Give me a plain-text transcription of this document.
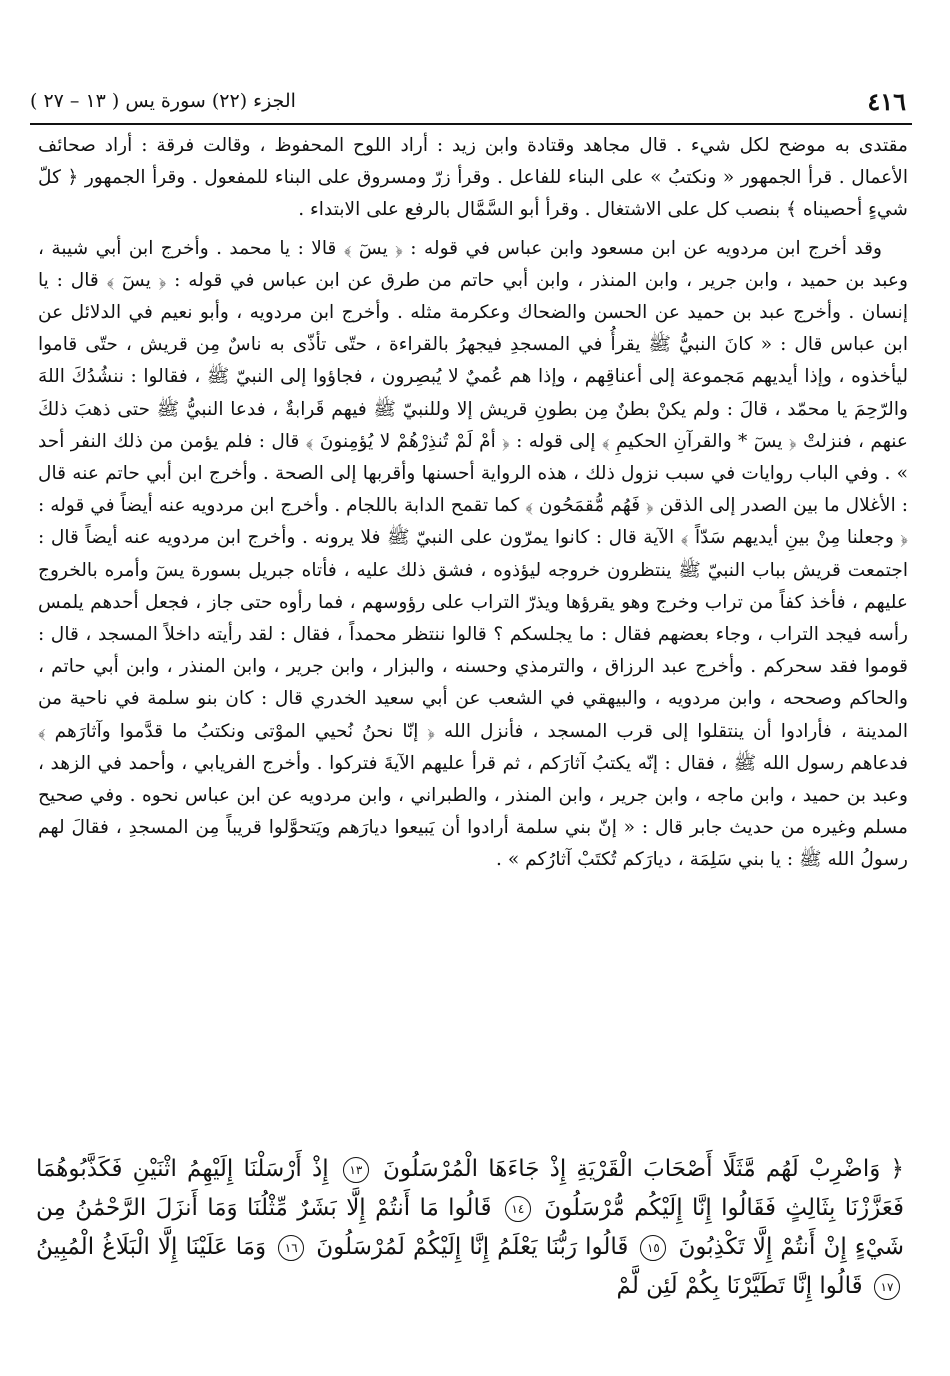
٤١٦
الجزء (٢٢) سورة يس ( ١٣ – ٢٧ )

مقتدى به موضح لكل شيء . قال مجاهد وقتادة وابن زيد : أراد اللوح المحفوظ ، وقالت فرقة : أراد صحائف الأعمال . قرأ الجمهور « ونكتبُ » على البناء للفاعل . وقرأ زرّ ومسروق على البناء للمفعول . وقرأ الجمهور ﴿ كلّ شيءٍ أحصيناه ﴾ بنصب كل على الاشتغال . وقرأ أبو السَّمَّال بالرفع على الابتداء .

وقد أخرج ابن مردويه عن ابن مسعود وابن عباس في قوله : ﴿ يسٓ ﴾ قالا : يا محمد . وأخرج ابن أبي شيبة ، وعبد بن حميد ، وابن جرير ، وابن المنذر ، وابن أبي حاتم من طرق عن ابن عباس في قوله : ﴿ يسٓ ﴾ قال : يا إنسان . وأخرج عبد بن حميد عن الحسن والضحاك وعكرمة مثله . وأخرج ابن مردويه ، وأبو نعيم في الدلائل عن ابن عباس قال : « كانَ النبيُّ ﷺ يقرأُ في المسجدِ فيجهرُ بالقراءة ، حتّى تأذّى به ناسٌ مِن قريش ، حتّى قاموا ليأخذوه ، وإذا أيديهم مَجموعة إلى أعناقِهم ، وإذا هم عُميٌ لا يُبصِرون ، فجاؤوا إلى النبيّ ﷺ ، فقالوا : ننشُدُكَ اللهَ والرّحِمَ يا محمّد ، قالَ : ولم يكنْ بطنٌ مِن بطونِ قريش إلا وللنبيّ ﷺ فيهم قَرابةٌ ، فدعا النبيُّ ﷺ حتى ذهبَ ذلكَ عنهم ، فنزلتْ ﴿ يسٓ * والقرآنِ الحكيمِ ﴾ إلى قوله : ﴿ أمْ لَمْ تُنذِرْهُمْ لا يُؤمِنونَ ﴾ قال : فلم يؤمن من ذلك النفر أحد » . وفي الباب روايات في سبب نزول ذلك ، هذه الرواية أحسنها وأقربها إلى الصحة . وأخرج ابن أبي حاتم عنه قال : الأغلال ما بين الصدر إلى الذقن ﴿ فَهُم مُّقمَحُون ﴾ كما تقمح الدابة باللجام . وأخرج ابن مردويه عنه أيضاً في قوله : ﴿ وجعلنا مِنْ بينِ أيديهم سَدّاً ﴾ الآية قال : كانوا يمرّون على النبيّ ﷺ فلا يرونه . وأخرج ابن مردويه عنه أيضاً قال : اجتمعت قريش بباب النبيّ ﷺ ينتظرون خروجه ليؤذوه ، فشق ذلك عليه ، فأتاه جبريل بسورة يسٓ وأمره بالخروج عليهم ، فأخذ كفاً من تراب وخرج وهو يقرؤها ويذرّ التراب على رؤوسهم ، فما رأوه حتى جاز ، فجعل أحدهم يلمس رأسه فيجد التراب ، وجاء بعضهم فقال : ما يجلسكم ؟ قالوا ننتظر محمداً ، فقال : لقد رأيته داخلاً المسجد ، قال : قوموا فقد سحركم . وأخرج عبد الرزاق ، والترمذي وحسنه ، والبزار ، وابن جرير ، وابن المنذر ، وابن أبي حاتم ، والحاكم وصححه ، وابن مردويه ، والبيهقي في الشعب عن أبي سعيد الخدري قال : كان بنو سلمة في ناحية من المدينة ، فأرادوا أن ينتقلوا إلى قرب المسجد ، فأنزل الله ﴿ إنّا نحنُ نُحيي الموْتى ونكتبُ ما قدَّموا وآثارَهم ﴾ فدعاهم رسول الله ﷺ ، فقال : إنّه يكتبُ آثارَكم ، ثم قرأ عليهم الآيةَ فتركوا . وأخرج الفريابي ، وأحمد في الزهد ، وعبد بن حميد ، وابن ماجه ، وابن جرير ، وابن المنذر ، والطبراني ، وابن مردويه عن ابن عباس نحوه . وفي صحيح مسلم وغيره من حديث جابر قال : « إنّ بني سلمة أرادوا أن يَبيعوا ديارَهم ويَتحوَّلوا قريباً مِن المسجدِ ، فقالَ لهم رسولُ الله ﷺ : يا بني سَلِمَة ، ديارَكم تُكتَبْ آثارُكم » .

﴿ وَاضْرِبْ لَهُم مَّثَلًا أَصْحَابَ الْقَرْيَةِ إِذْ جَاءَهَا الْمُرْسَلُونَ ١٣ إِذْ أَرْسَلْنَا إِلَيْهِمُ اثْنَيْنِ فَكَذَّبُوهُمَا فَعَزَّزْنَا بِثَالِثٍ فَقَالُوا إِنَّا إِلَيْكُم مُّرْسَلُونَ ١٤ قَالُوا مَا أَنتُمْ إِلَّا بَشَرٌ مِّثْلُنَا وَمَا أَنزَلَ الرَّحْمَٰنُ مِن شَيْءٍ إِنْ أَنتُمْ إِلَّا تَكْذِبُونَ ١٥ قَالُوا رَبُّنَا يَعْلَمُ إِنَّا إِلَيْكُمْ لَمُرْسَلُونَ ١٦ وَمَا عَلَيْنَا إِلَّا الْبَلَاغُ الْمُبِينُ ١٧ قَالُوا إِنَّا تَطَيَّرْنَا بِكُمْ لَئِن لَّمْ
